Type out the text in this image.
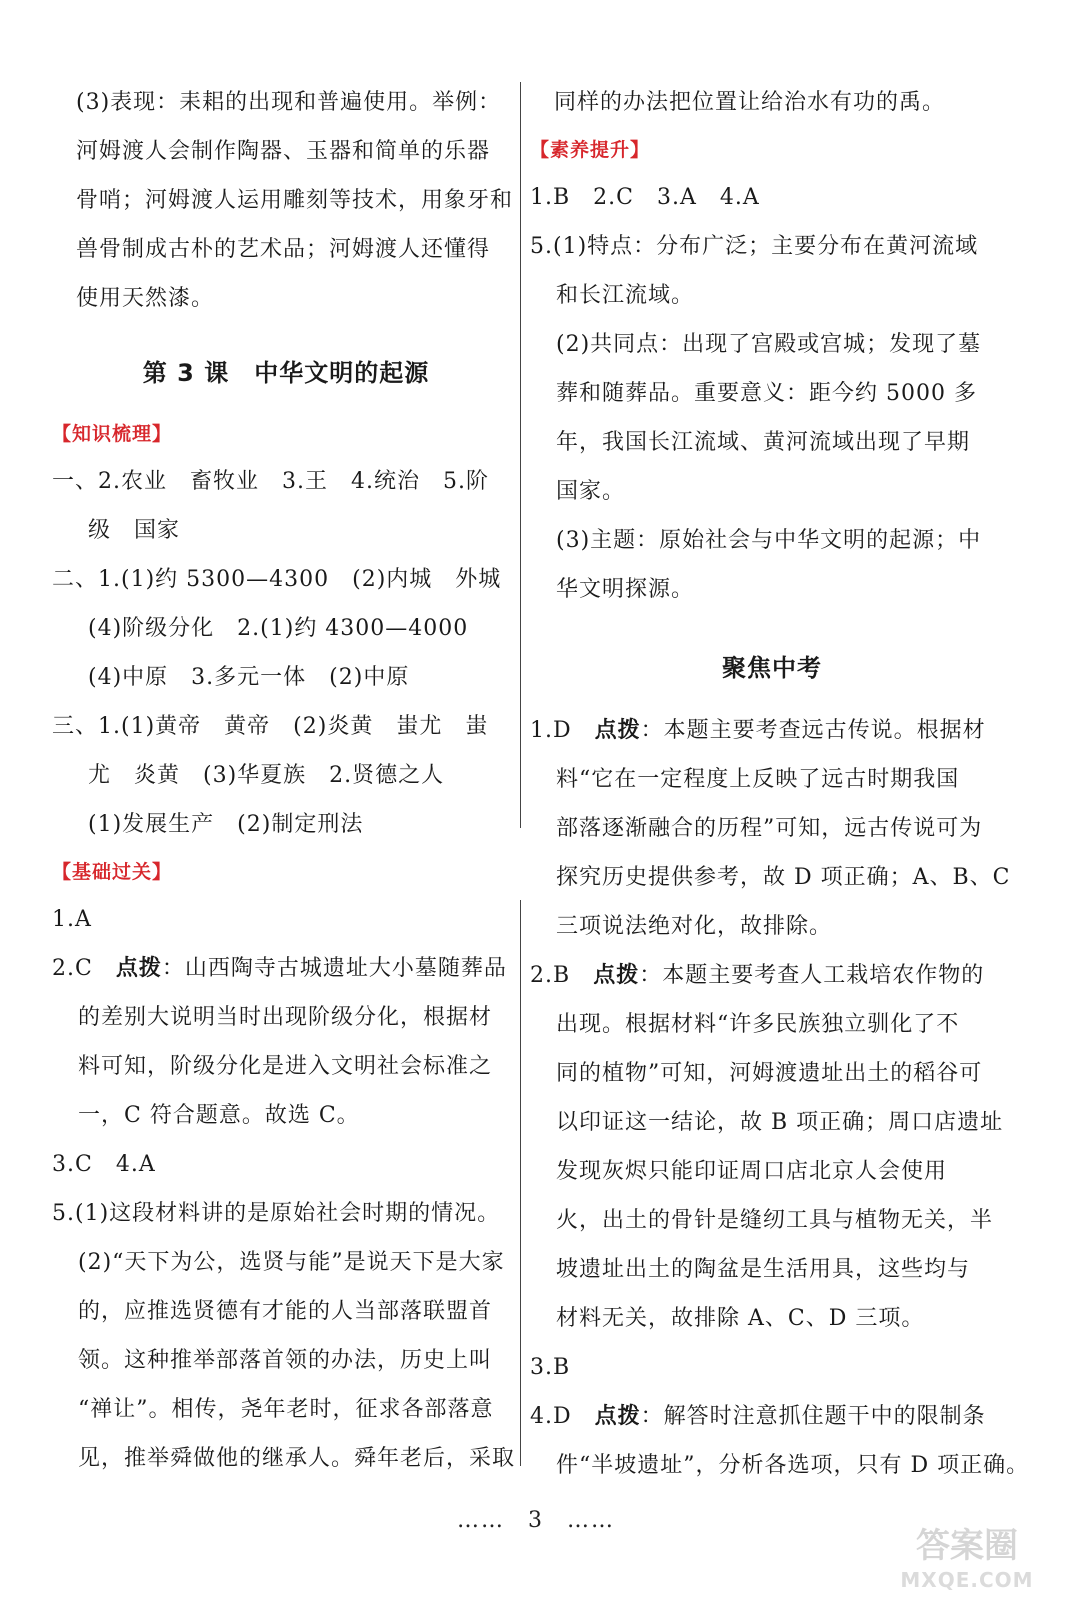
(3)表现：耒耜的出现和普遍使用。举例：
河姆渡人会制作陶器、玉器和简单的乐器
骨哨；河姆渡人运用雕刻等技术，用象牙和
兽骨制成古朴的艺术品；河姆渡人还懂得
使用天然漆。
第 3 课　中华文明的起源
【知识梳理】
一、2.农业　畜牧业　3.王　4.统治　5.阶
级　国家
二、1.(1)约 5300—4300　(2)内城　外城
(4)阶级分化　2.(1)约 4300—4000
(4)中原　3.多元一体　(2)中原
三、1.(1)黄帝　黄帝　(2)炎黄　蚩尤　蚩
尤　炎黄　(3)华夏族　2.贤德之人
(1)发展生产　(2)制定刑法
【基础过关】
1.A
2.C　 点拨：山西陶寺古城遗址大小墓随葬品
的差别大说明当时出现阶级分化，根据材
料可知，阶级分化是进入文明社会标准之
一，C 符合题意。故选 C。
3.C　4.A
5.(1)这段材料讲的是原始社会时期的情况。
(2)“天下为公，选贤与能”是说天下是大家
的，应推选贤德有才能的人当部落联盟首
领。这种推举部落首领的办法，历史上叫
“禅让”。相传，尧年老时，征求各部落意
见，推举舜做他的继承人。舜年老后，采取
同样的办法把位置让给治水有功的禹。
【素养提升】
1.B　2.C　3.A　4.A
5.(1)特点：分布广泛；主要分布在黄河流域
和长江流域。
(2)共同点：出现了宫殿或宫城；发现了墓
葬和随葬品。重要意义：距今约 5000 多
年，我国长江流域、黄河流域出现了早期
国家。
(3)主题：原始社会与中华文明的起源；中
华文明探源。
聚焦中考
1.D　 点拨：本题主要考查远古传说。根据材
料“它在一定程度上反映了远古时期我国
部落逐渐融合的历程”可知，远古传说可为
探究历史提供参考，故 D 项正确；A、B、C
三项说法绝对化，故排除。
2.B　 点拨：本题主要考查人工栽培农作物的
出现。根据材料“许多民族独立驯化了不
同的植物”可知，河姆渡遗址出土的稻谷可
以印证这一结论，故 B 项正确；周口店遗址
发现灰烬只能印证周口店北京人会使用
火，出土的骨针是缝纫工具与植物无关，半
坡遗址出土的陶盆是生活用具，这些均与
材料无关，故排除 A、C、D 三项。
3.B
4.D　 点拨：解答时注意抓住题干中的限制条
件“半坡遗址”，分析各选项，只有 D 项正确。
…… 3 ……
答案圈
MXQE.COM
